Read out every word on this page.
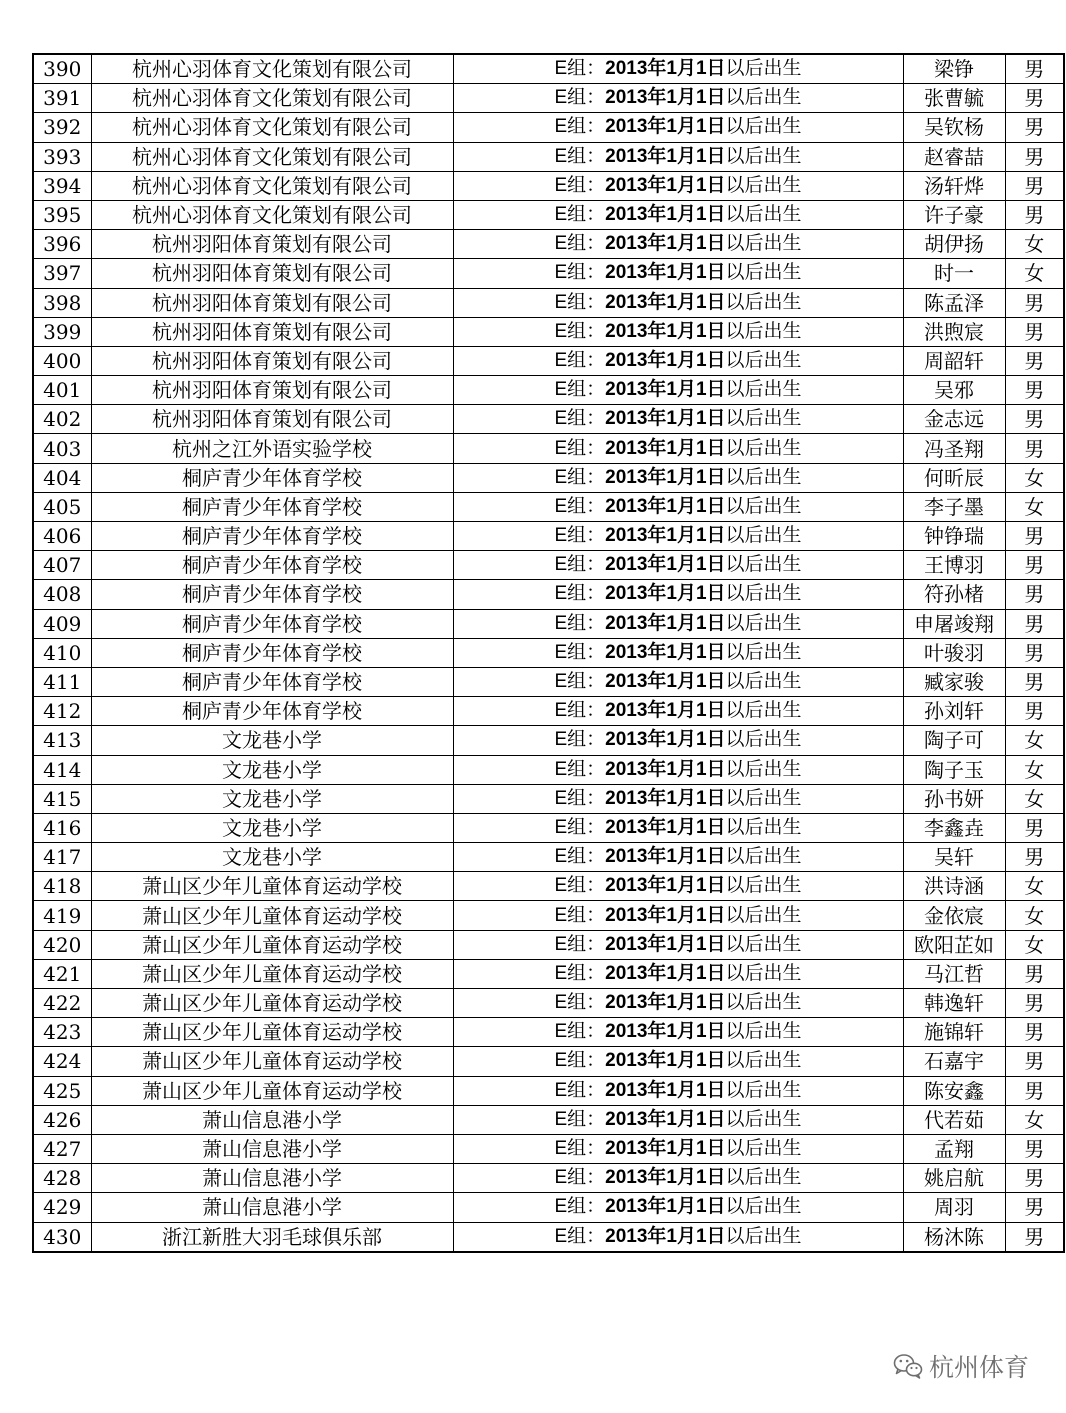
390	杭州心羽体育文化策划有限公司	E组：2013年1月1日以后出生	梁铮	男
391	杭州心羽体育文化策划有限公司	E组：2013年1月1日以后出生	张曹毓	男
392	杭州心羽体育文化策划有限公司	E组：2013年1月1日以后出生	吴钦杨	男
393	杭州心羽体育文化策划有限公司	E组：2013年1月1日以后出生	赵睿喆	男
394	杭州心羽体育文化策划有限公司	E组：2013年1月1日以后出生	汤轩烨	男
395	杭州心羽体育文化策划有限公司	E组：2013年1月1日以后出生	许子豪	男
396	杭州羽阳体育策划有限公司	E组：2013年1月1日以后出生	胡伊扬	女
397	杭州羽阳体育策划有限公司	E组：2013年1月1日以后出生	时一	女
398	杭州羽阳体育策划有限公司	E组：2013年1月1日以后出生	陈孟泽	男
399	杭州羽阳体育策划有限公司	E组：2013年1月1日以后出生	洪煦宸	男
400	杭州羽阳体育策划有限公司	E组：2013年1月1日以后出生	周韶轩	男
401	杭州羽阳体育策划有限公司	E组：2013年1月1日以后出生	吴邪	男
402	杭州羽阳体育策划有限公司	E组：2013年1月1日以后出生	金志远	男
403	杭州之江外语实验学校	E组：2013年1月1日以后出生	冯圣翔	男
404	桐庐青少年体育学校	E组：2013年1月1日以后出生	何昕辰	女
405	桐庐青少年体育学校	E组：2013年1月1日以后出生	李子墨	女
406	桐庐青少年体育学校	E组：2013年1月1日以后出生	钟铮瑞	男
407	桐庐青少年体育学校	E组：2013年1月1日以后出生	王博羽	男
408	桐庐青少年体育学校	E组：2013年1月1日以后出生	符孙楮	男
409	桐庐青少年体育学校	E组：2013年1月1日以后出生	申屠竣翔	男
410	桐庐青少年体育学校	E组：2013年1月1日以后出生	叶骏羽	男
411	桐庐青少年体育学校	E组：2013年1月1日以后出生	臧家骏	男
412	桐庐青少年体育学校	E组：2013年1月1日以后出生	孙刘轩	男
413	文龙巷小学	E组：2013年1月1日以后出生	陶子可	女
414	文龙巷小学	E组：2013年1月1日以后出生	陶子玉	女
415	文龙巷小学	E组：2013年1月1日以后出生	孙书妍	女
416	文龙巷小学	E组：2013年1月1日以后出生	李鑫垚	男
417	文龙巷小学	E组：2013年1月1日以后出生	吴轩	男
418	萧山区少年儿童体育运动学校	E组：2013年1月1日以后出生	洪诗涵	女
419	萧山区少年儿童体育运动学校	E组：2013年1月1日以后出生	金依宸	女
420	萧山区少年儿童体育运动学校	E组：2013年1月1日以后出生	欧阳芷如	女
421	萧山区少年儿童体育运动学校	E组：2013年1月1日以后出生	马江哲	男
422	萧山区少年儿童体育运动学校	E组：2013年1月1日以后出生	韩逸轩	男
423	萧山区少年儿童体育运动学校	E组：2013年1月1日以后出生	施锦轩	男
424	萧山区少年儿童体育运动学校	E组：2013年1月1日以后出生	石嘉宇	男
425	萧山区少年儿童体育运动学校	E组：2013年1月1日以后出生	陈安鑫	男
426	萧山信息港小学	E组：2013年1月1日以后出生	代若茹	女
427	萧山信息港小学	E组：2013年1月1日以后出生	孟翔	男
428	萧山信息港小学	E组：2013年1月1日以后出生	姚启航	男
429	萧山信息港小学	E组：2013年1月1日以后出生	周羽	男
430	浙江新胜大羽毛球俱乐部	E组：2013年1月1日以后出生	杨沐陈	男
杭州体育
